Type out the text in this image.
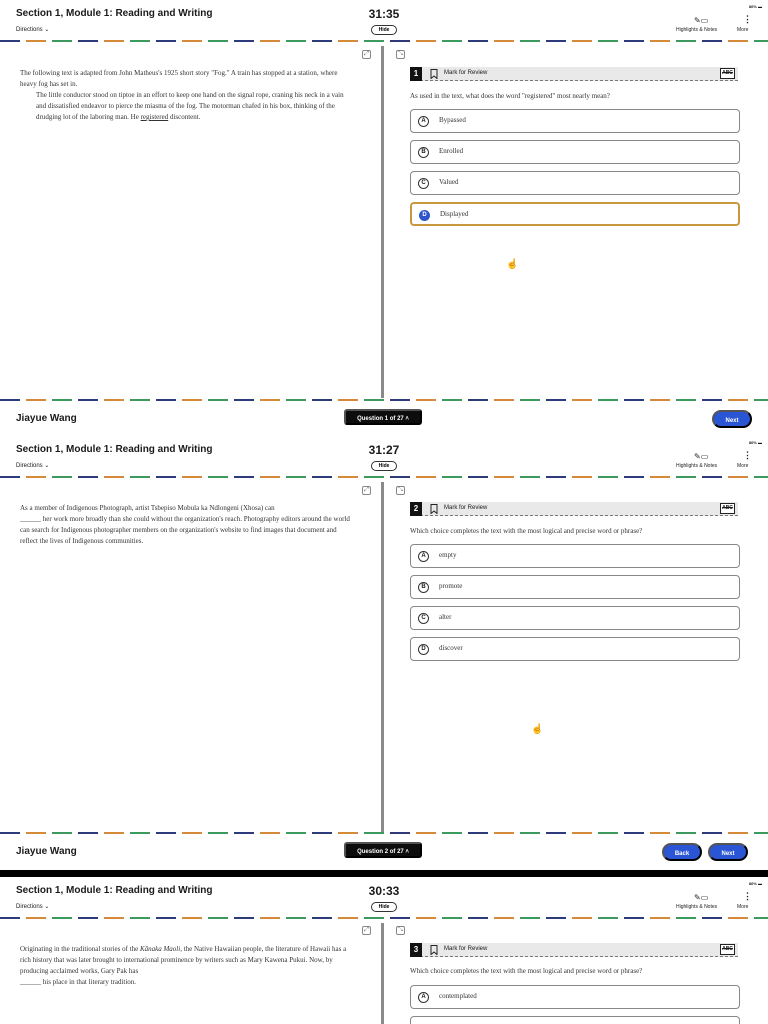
Section 1, Module 1: Reading and Writing
Directions ⌄
31:35
Hide
86% ▬
✎▭	⋮
Highlights & Notes	More
⤢	⤡

The following text is adapted from John Matheus's 1925 short story "Fog." A train has stopped at a station, where heavy fog has set in.

The little conductor stood on tiptoe in an effort to keep one hand on the signal rope, craning his neck in a vain and dissatisfied endeavor to pierce the miasma of the fog. The motorman chafed in his box, thinking of the drudging lot of the laboring man. He registered discontent.

1	Mark for Review	ABC
As used in the text, what does the word "registered" most nearly mean?
A	Bypassed
B	Enrolled
C	Valued
D	Displayed
☝
Jiayue Wang	Question 1 of 27 ˄	Next
Section 1, Module 1: Reading and Writing
Directions ⌄
31:27
Hide
86% ▬
✎▭	⋮
Highlights & Notes	More
⤢	⤡

As a member of Indigenous Photograph, artist Tsbepiso Mobula ka Ndlongeni (Xhosa) can
______ her work more broadly than she could without the organization's reach. Photography editors around the world can search for Indigenous photographer members on the organization's website to find images that document and reflect the lives of Indigenous communities.

2	Mark for Review	ABC
Which choice completes the text with the most logical and precise word or phrase?
A	empty
B	promote
C	alter
D	discover
☝
Jiayue Wang	Question 2 of 27 ˄	Back	Next
Section 1, Module 1: Reading and Writing
Directions ⌄
30:33
Hide
86% ▬
✎▭	⋮
Highlights & Notes	More
⤢	⤡

Originating in the traditional stories of the Kānaka Maoli, the Native Hawaiian people, the literature of Hawaii has a rich history that was later brought to international prominence by writers such as Mary Kawena Pukui. Now, by producing acclaimed works, Gary Pak has
______ his place in that literary tradition.

3	Mark for Review	ABC
Which choice completes the text with the most logical and precise word or phrase?
A	contemplated
